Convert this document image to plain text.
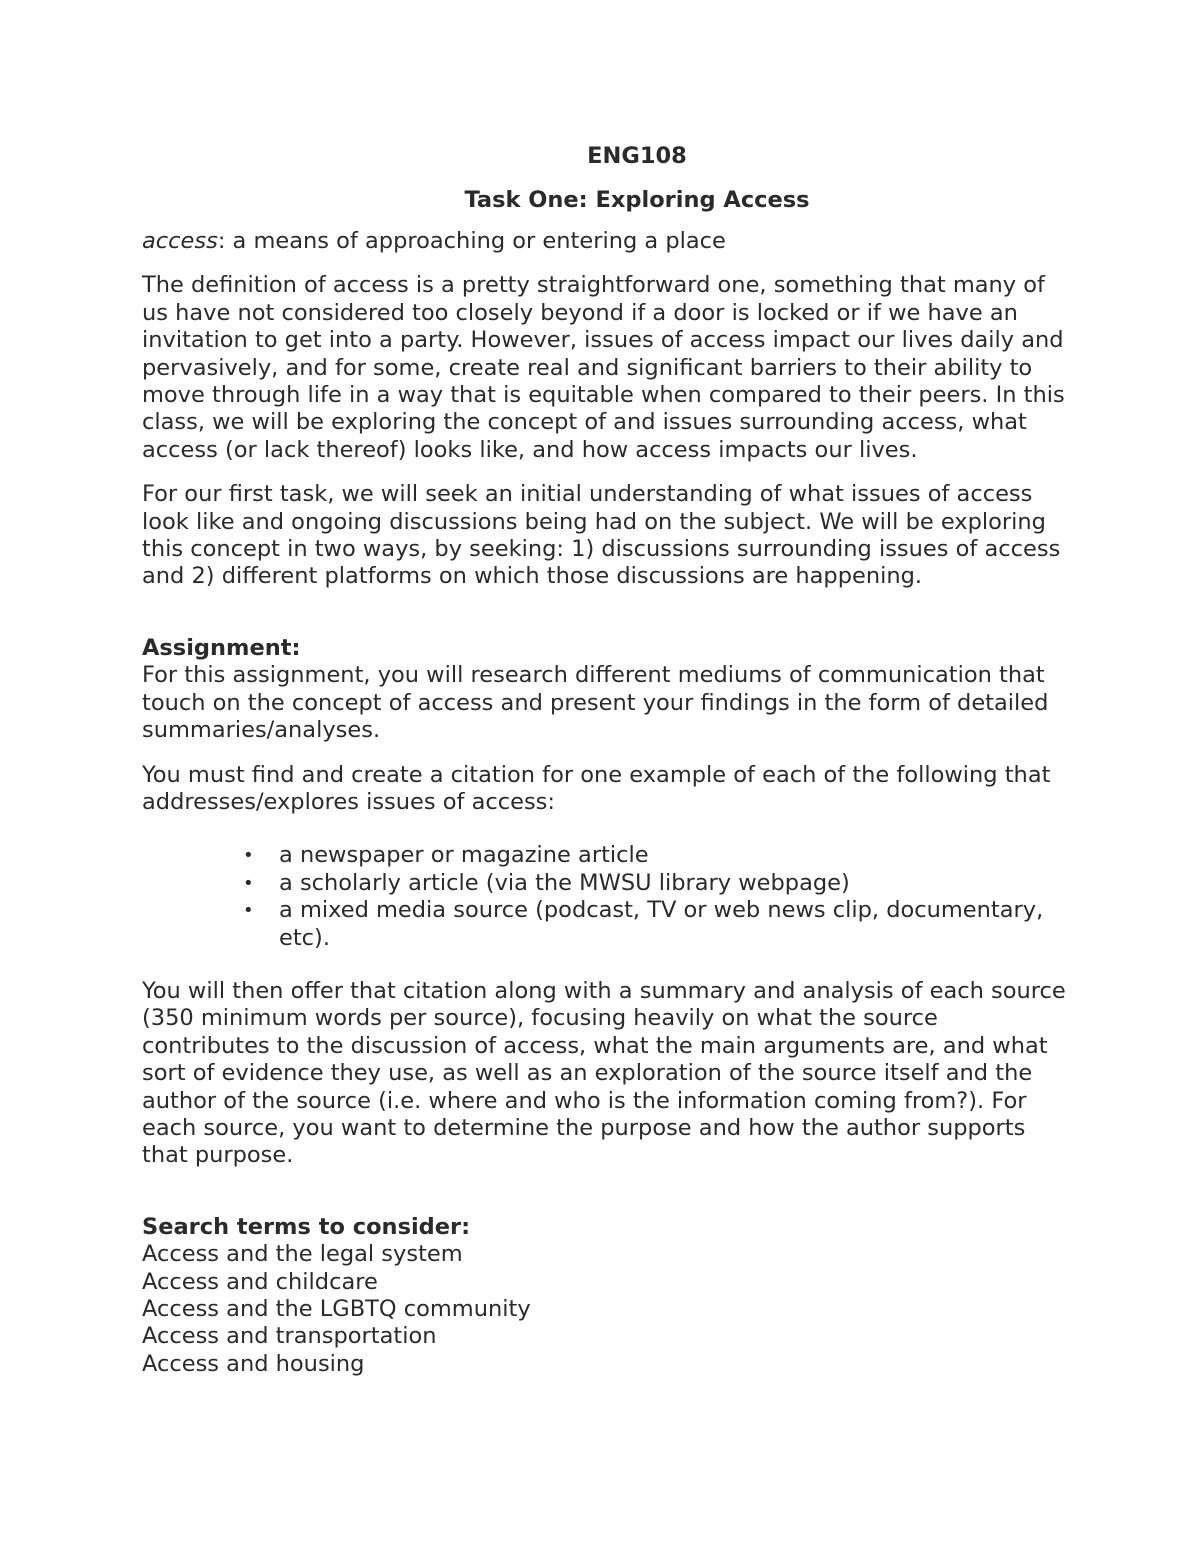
ENG108

Task One: Exploring Access

access: a means of approaching or entering a place

The definition of access is a pretty straightforward one, something that many of us have not considered too closely beyond if a door is locked or if we have an invitation to get into a party. However, issues of access impact our lives daily and pervasively, and for some, create real and significant barriers to their ability to move through life in a way that is equitable when compared to their peers. In this class, we will be exploring the concept of and issues surrounding access, what access (or lack thereof) looks like, and how access impacts our lives.

For our first task, we will seek an initial understanding of what issues of access look like and ongoing discussions being had on the subject. We will be exploring this concept in two ways, by seeking: 1) discussions surrounding issues of access and 2) different platforms on which those discussions are happening.

Assignment:

For this assignment, you will research different mediums of communication that touch on the concept of access and present your findings in the form of detailed summaries/analyses.

You must find and create a citation for one example of each of the following that addresses/explores issues of access:

• a newspaper or magazine article
• a scholarly article (via the MWSU library webpage)
• a mixed media source (podcast, TV or web news clip, documentary, etc).

You will then offer that citation along with a summary and analysis of each source (350 minimum words per source), focusing heavily on what the source contributes to the discussion of access, what the main arguments are, and what sort of evidence they use, as well as an exploration of the source itself and the author of the source (i.e. where and who is the information coming from?). For each source, you want to determine the purpose and how the author supports that purpose.

Search terms to consider:
Access and the legal system
Access and childcare
Access and the LGBTQ community
Access and transportation
Access and housing
